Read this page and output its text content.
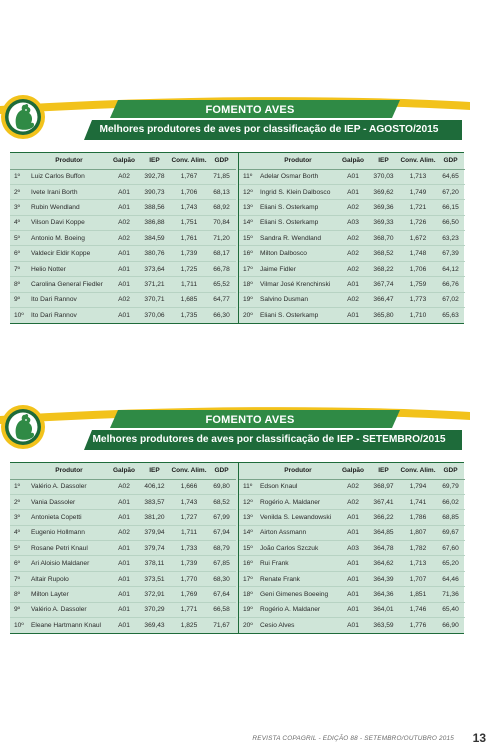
FOMENTO AVES
Melhores produtores de aves por classificação de IEP - AGOSTO/2015
	Produtor	Galpão	IEP	Conv. Alim.	GDP
1º	Luiz Carlos Buffon	A02	392,78	1,767	71,85
2º	Ivete Irani Borth	A01	390,73	1,706	68,13
3º	Rubin Wendland	A01	388,56	1,743	68,92
4º	Vilson Davi Koppe	A02	386,88	1,751	70,84
5º	Antonio M. Boeing	A02	384,59	1,761	71,20
6º	Valdecir Eldir Koppe	A01	380,76	1,739	68,17
7º	Helio Notter	A01	373,64	1,725	66,78
8º	Carolina General Fiedler	A01	371,21	1,711	65,52
9º	Ito Dari Rannov	A02	370,71	1,685	64,77
10º	Ito Dari Rannov	A01	370,06	1,735	66,30
	Produtor	Galpão	IEP	Conv. Alim.	GDP
11º	Adelar Osmar Borth	A01	370,03	1,713	64,65
12º	Ingrid S. Klein Dalbosco	A01	369,62	1,749	67,20
13º	Eliani S. Osterkamp	A02	369,36	1,721	66,15
14º	Eliani S. Osterkamp	A03	369,33	1,726	66,50
15º	Sandra R. Wendland	A02	368,70	1,672	63,23
16º	Milton Dalbosco	A02	368,52	1,748	67,39
17º	Jaime Fidler	A02	368,22	1,706	64,12
18º	Vilmar José Krenchinski	A01	367,74	1,759	66,76
19º	Salvino Dusman	A02	366,47	1,773	67,02
20º	Eliani S. Osterkamp	A01	365,80	1,710	65,63
FOMENTO AVES
Melhores produtores de aves por classificação de IEP - SETEMBRO/2015
	Produtor	Galpão	IEP	Conv. Alim.	GDP
1º	Valério A. Dassoler	A02	406,12	1,666	69,80
2º	Vania Dassoler	A01	383,57	1,743	68,52
3º	Antonieta Copetti	A01	381,20	1,727	67,99
4º	Eugenio Hollmann	A02	379,94	1,711	67,94
5º	Rosane Petri Knaul	A01	379,74	1,733	68,79
6º	Ari Aloisio Maldaner	A01	378,11	1,739	67,85
7º	Altair Rupolo	A01	373,51	1,770	68,30
8º	Milton Layter	A01	372,91	1,769	67,64
9º	Valério A. Dassoler	A01	370,29	1,771	66,58
10º	Eleane Hartmann Knaul	A01	369,43	1,825	71,67
	Produtor	Galpão	IEP	Conv. Alim.	GDP
11º	Edson Knaul	A02	368,97	1,794	69,79
12º	Rogério A. Maldaner	A02	367,41	1,741	66,02
13º	Venilda S. Lewandowski	A01	366,22	1,786	68,85
14º	Airton Assmann	A01	364,85	1,807	69,67
15º	João Carlos Szczuk	A03	364,78	1,782	67,60
16º	Rui Frank	A01	364,62	1,713	65,20
17º	Renate Frank	A01	364,39	1,707	64,46
18º	Geni Gimenes Boeeing	A01	364,36	1,851	71,36
19º	Rogério A. Maldaner	A01	364,01	1,746	65,40
20º	Cesio Alves	A01	363,59	1,776	66,90
REVISTA COPAGRIL - EDIÇÃO 88 - SETEMBRO/OUTUBRO 2015 13
